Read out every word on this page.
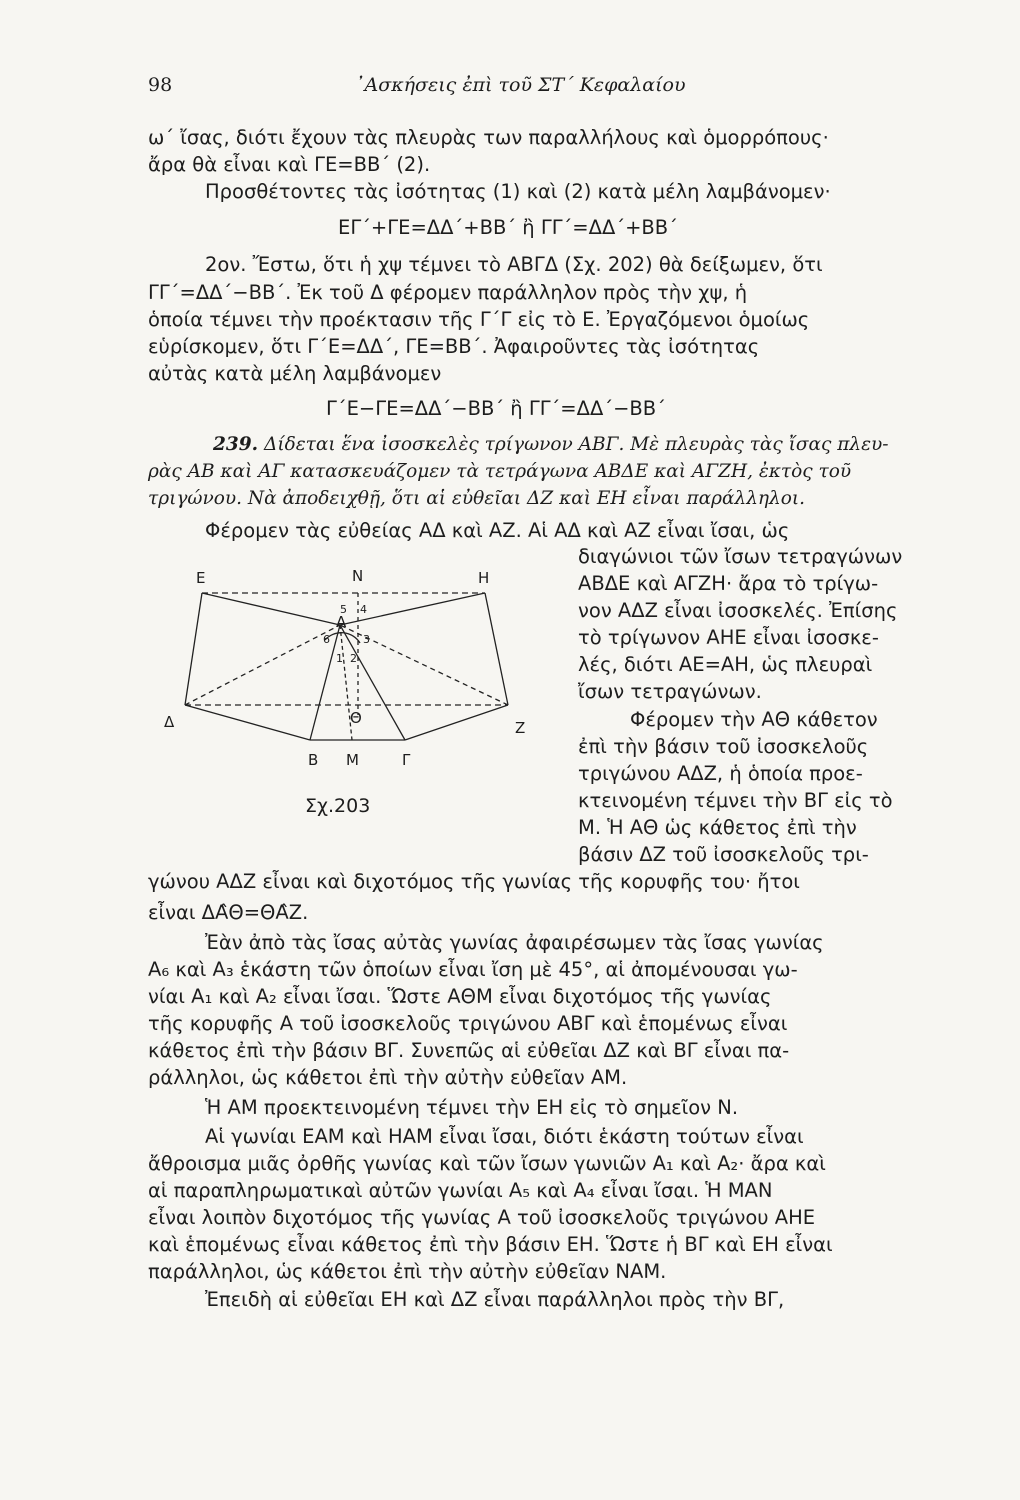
98	᾿Ασκήσεις ἐπὶ τοῦ ΣΤ΄ Κεφαλαίου
ω΄ ἴσας, διότι ἔχουν τὰς πλευρὰς των παραλλήλους καὶ ὁμορρόπους·
ἄρα θὰ εἶναι καὶ ΓΕ=ΒΒ΄ (2).
Προσθέτοντες τὰς ἰσότητας (1) καὶ (2) κατὰ μέλη λαμβάνομεν·
ΕΓ΄+ΓΕ=ΔΔ΄+ΒΒ΄ ἢ ΓΓ΄=ΔΔ΄+ΒΒ΄
2ον. Ἔστω, ὅτι ἡ χψ τέμνει τὸ ΑΒΓΔ (Σχ. 202) θὰ δείξωμεν, ὅτι
ΓΓ΄=ΔΔ΄−ΒΒ΄. Ἐκ τοῦ Δ φέρομεν παράλληλον πρὸς τὴν χψ, ἡ
ὁποία τέμνει τὴν προέκτασιν τῆς Γ΄Γ εἰς τὸ Ε. Ἐργαζόμενοι ὁμοίως
εὑρίσκομεν, ὅτι Γ΄Ε=ΔΔ΄, ΓΕ=ΒΒ΄. Ἀφαιροῦντες τὰς ἰσότητας
αὐτὰς κατὰ μέλη λαμβάνομεν
Γ΄Ε−ΓΕ=ΔΔ΄−ΒΒ΄ ἢ ΓΓ΄=ΔΔ΄−ΒΒ΄
239. Δίδεται ἕνα ἰσοσκελὲς τρίγωνον ΑΒΓ. Μὲ πλευρὰς τὰς ἴσας πλευ-
ρὰς ΑΒ καὶ ΑΓ κατασκευάζομεν τὰ τετράγωνα ΑΒΔΕ καὶ ΑΓΖΗ, ἐκτὸς τοῦ
τριγώνου. Νὰ ἀποδειχθῇ, ὅτι αἱ εὐθεῖαι ΔΖ καὶ ΕΗ εἶναι παράλληλοι.
Φέρομεν τὰς εὐθείας ΑΔ καὶ ΑΖ. Αἱ ΑΔ καὶ ΑΖ εἶναι ἴσαι, ὡς
διαγώνιοι τῶν ἴσων τετραγώνων
ΑΒΔΕ καὶ ΑΓΖΗ· ἄρα τὸ τρίγω-
νον ΑΔΖ εἶναι ἰσοσκελές. Ἐπίσης
τὸ τρίγωνον ΑΗΕ εἶναι ἰσοσκε-
λές, διότι ΑΕ=ΑΗ, ὡς πλευραὶ
ἴσων τετραγώνων.
Φέρομεν τὴν ΑΘ κάθετον
ἐπὶ τὴν βάσιν τοῦ ἰσοσκελοῦς
τριγώνου ΑΔΖ, ἡ ὁποία προε-
κτεινομένη τέμνει τὴν ΒΓ εἰς τὸ
Μ. Ἡ ΑΘ ὡς κάθετος ἐπὶ τὴν
βάσιν ΔΖ τοῦ ἰσοσκελοῦς τρι-
γώνου ΑΔΖ εἶναι καὶ διχοτόμος τῆς γωνίας τῆς κορυφῆς του· ἤτοι
εἶναι ΔΑ̂Θ=ΘΑ̂Ζ.
Ἐὰν ἀπὸ τὰς ἴσας αὐτὰς γωνίας ἀφαιρέσωμεν τὰς ἴσας γωνίας
Α₆ καὶ Α₃ ἑκάστη τῶν ὁποίων εἶναι ἴση μὲ 45°, αἱ ἀπομένουσαι γω-
νίαι Α₁ καὶ Α₂ εἶναι ἴσαι. Ὥστε ΑΘΜ εἶναι διχοτόμος τῆς γωνίας
τῆς κορυφῆς Α τοῦ ἰσοσκελοῦς τριγώνου ΑΒΓ καὶ ἑπομένως εἶναι
κάθετος ἐπὶ τὴν βάσιν ΒΓ. Συνεπῶς αἱ εὐθεῖαι ΔΖ καὶ ΒΓ εἶναι πα-
ράλληλοι, ὡς κάθετοι ἐπὶ τὴν αὐτὴν εὐθεῖαν ΑΜ.
Ἡ ΑΜ προεκτεινομένη τέμνει τὴν ΕΗ εἰς τὸ σημεῖον Ν.
Αἱ γωνίαι ΕΑΜ καὶ ΗΑΜ εἶναι ἴσαι, διότι ἑκάστη τούτων εἶναι
ἄθροισμα μιᾶς ὀρθῆς γωνίας καὶ τῶν ἴσων γωνιῶν Α₁ καὶ Α₂· ἄρα καὶ
αἱ παραπληρωματικαὶ αὐτῶν γωνίαι Α₅ καὶ Α₄ εἶναι ἴσαι. Ἡ ΜΑΝ
εἶναι λοιπὸν διχοτόμος τῆς γωνίας Α τοῦ ἰσοσκελοῦς τριγώνου ΑΗΕ
καὶ ἑπομένως εἶναι κάθετος ἐπὶ τὴν βάσιν ΕΗ. Ὥστε ἡ ΒΓ καὶ ΕΗ εἶναι
παράλληλοι, ὡς κάθετοι ἐπὶ τὴν αὐτὴν εὐθεῖαν ΝΑΜ.
Ἐπειδὴ αἱ εὐθεῖαι ΕΗ καὶ ΔΖ εἶναι παράλληλοι πρὸς τὴν ΒΓ,
E	N	H
A
Δ	Z
Θ
B M	Γ
5 4
6	3
1 2
Σχ.203
